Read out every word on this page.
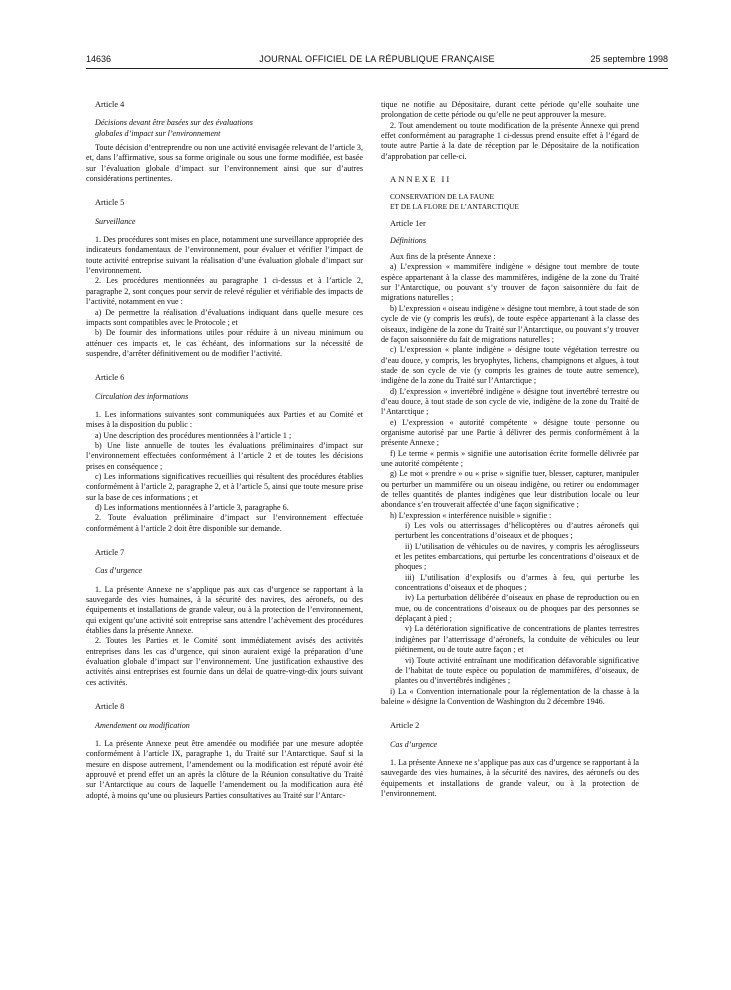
14636	JOURNAL OFFICIEL DE LA RÉPUBLIQUE FRANÇAISE	25 septembre 1998

Article 4

Décisions devant être basées sur des évaluations

globales d’impact sur l’environnement

Toute décision d’entreprendre ou non une activité envisagée relevant de l’article 3, et, dans l’affirmative, sous sa forme originale ou sous une forme modifiée, est basée sur l’évaluation globale d’impact sur l’environnement ainsi que sur d’autres considérations pertinentes.

Article 5

Surveillance

1. Des procédures sont mises en place, notamment une surveillance appropriée des indicateurs fondamentaux de l’environnement, pour évaluer et vérifier l’impact de toute activité entreprise suivant la réalisation d’une évaluation globale d’impact sur l’environnement.

2. Les procédures mentionnées au paragraphe 1 ci-dessus et à l’article 2, paragraphe 2, sont conçues pour servir de relevé régulier et vérifiable des impacts de l’activité, notamment en vue :

a) De permettre la réalisation d’évaluations indiquant dans quelle mesure ces impacts sont compatibles avec le Protocole ; et

b) De fournir des informations utiles pour réduire à un niveau minimum ou atténuer ces impacts et, le cas échéant, des informations sur la nécessité de suspendre, d’arrêter définitivement ou de modifier l’activité.

Article 6

Circulation des informations

1. Les informations suivantes sont communiquées aux Parties et au Comité et mises à la disposition du public :

a) Une description des procédures mentionnées à l’article 1 ;

b) Une liste annuelle de toutes les évaluations préliminaires d’impact sur l’environnement effectuées conformément à l’article 2 et de toutes les décisions prises en conséquence ;

c) Les informations significatives recueillies qui résultent des procédures établies conformément à l’article 2, paragraphe 2, et à l’article 5, ainsi que toute mesure prise sur la base de ces informations ; et

d) Les informations mentionnées à l’article 3, paragraphe 6.

2. Toute évaluation préliminaire d’impact sur l’environnement effectuée conformément à l’article 2 doit être disponible sur demande.

Article 7

Cas d’urgence

1. La présente Annexe ne s’applique pas aux cas d’urgence se rapportant à la sauvegarde des vies humaines, à la sécurité des navires, des aéronefs, ou des équipements et installations de grande valeur, ou à la protection de l’environnement, qui exigent qu’une activité soit entreprise sans attendre l’achèvement des procédures établies dans la présente Annexe.

2. Toutes les Parties et le Comité sont immédiatement avisés des activités entreprises dans les cas d’urgence, qui sinon auraient exigé la préparation d’une évaluation globale d’impact sur l’environnement. Une justification exhaustive des activités ainsi entreprises est fournie dans un délai de quatre-vingt-dix jours suivant ces activités.

Article 8

Amendement ou modification

1. La présente Annexe peut être amendée ou modifiée par une mesure adoptée conformément à l’article IX, paragraphe 1, du Traité sur l’Antarctique. Sauf si la mesure en dispose autrement, l’amendement ou la modification est réputé avoir été approuvé et prend effet un an après la clôture de la Réunion consultative du Traité sur l’Antarctique au cours de laquelle l’amendement ou la modification aura été adopté, à moins qu’une ou plusieurs Parties consultatives au Traité sur l’Antarc-

tique ne notifie au Dépositaire, durant cette période qu’elle souhaite une prolongation de cette période ou qu’elle ne peut approuver la mesure.

2. Tout amendement ou toute modification de la présente Annexe qui prend effet conformément au paragraphe 1 ci-dessus prend ensuite effet à l’égard de toute autre Partie à la date de réception par le Dépositaire de la notification d’approbation par celle-ci.

ANNEXE II

CONSERVATION DE LA FAUNE

ET DE LA FLORE DE L’ANTARCTIQUE

Article 1er

Définitions

Aux fins de la présente Annexe :

a) L’expression « mammifère indigène » désigne tout membre de toute espèce appartenant à la classe des mammifères, indigène de la zone du Traité sur l’Antarctique, ou pouvant s’y trouver de façon saisonnière du fait de migrations naturelles ;

b) L’expression « oiseau indigène » désigne tout membre, à tout stade de son cycle de vie (y compris les œufs), de toute espèce appartenant à la classe des oiseaux, indigène de la zone du Traité sur l’Antarctique, ou pouvant s’y trouver de façon saisonnière du fait de migrations naturelles ;

c) L’expression « plante indigène » désigne toute végétation terrestre ou d’eau douce, y compris, les bryophytes, lichens, champignons et algues, à tout stade de son cycle de vie (y compris les graines de toute autre semence), indigène de la zone du Traité sur l’Antarctique ;

d) L’expression « invertébré indigène » désigne tout invertébré terrestre ou d’eau douce, à tout stade de son cycle de vie, indigène de la zone du Traité de l’Antarctique ;

e) L’expression « autorité compétente » désigne toute personne ou organisme autorisé par une Partie à délivrer des permis conformément à la présente Annexe ;

f) Le terme « permis » signifie une autorisation écrite formelle délivrée par une autorité compétente ;

g) Le mot « prendre » ou « prise » signifie tuer, blesser, capturer, manipuler ou perturber un mammifère ou un oiseau indigène, ou retirer ou endommager de telles quantités de plantes indigènes que leur distribution locale ou leur abondance s’en trouverait affectée d’une façon significative ;

h) L’expression « interférence nuisible » signifie :

i) Les vols ou atterrissages d’hélicoptères ou d’autres aéronefs qui perturbent les concentrations d’oiseaux et de phoques ;

ii) L’utilisation de véhicules ou de navires, y compris les aéroglisseurs et les petites embarcations, qui perturbe les concentrations d’oiseaux et de phoques ;

iii) L’utilisation d’explosifs ou d’armes à feu, qui perturbe les concentrations d’oiseaux et de phoques ;

iv) La perturbation délibérée d’oiseaux en phase de reproduction ou en mue, ou de concentrations d’oiseaux ou de phoques par des personnes se déplaçant à pied ;

v) La détérioration significative de concentrations de plantes terrestres indigènes par l’atterrissage d’aéronefs, la conduite de véhicules ou leur piétinement, ou de toute autre façon ; et

vi) Toute activité entraînant une modification défavorable significative de l’habitat de toute espèce ou population de mammifères, d’oiseaux, de plantes ou d’invertébrés indigènes ;

i) La « Convention internationale pour la réglementation de la chasse à la baleine » désigne la Convention de Washington du 2 décembre 1946.

Article 2

Cas d’urgence

1. La présente Annexe ne s’applique pas aux cas d’urgence se rapportant à la sauvegarde des vies humaines, à la sécurité des navires, des aéronefs ou des équipements et installations de grande valeur, ou à la protection de l’environnement.
